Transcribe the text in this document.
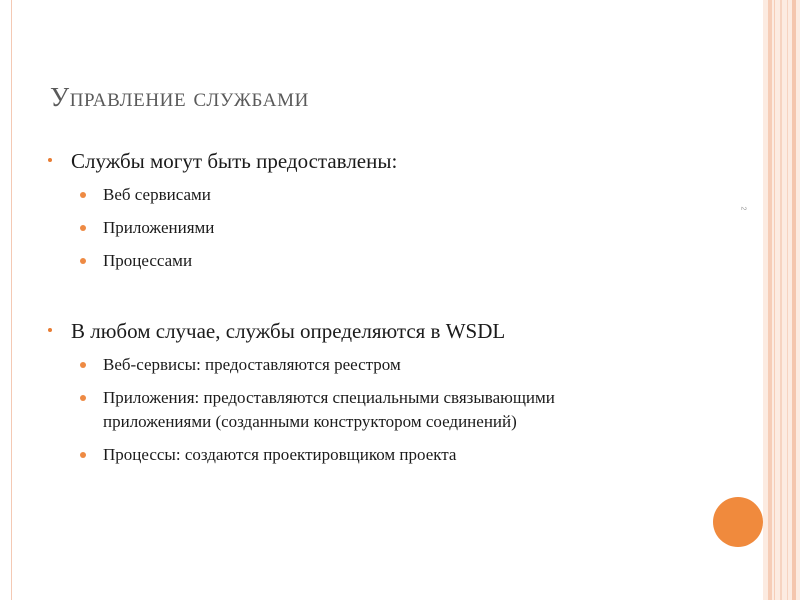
Управление службами

Службы могут быть предоставлены:

Веб сервисами

Приложениями

Процессами

В любом случае, службы определяются в WSDL

Веб-сервисы: предоставляются реестром

Приложения: предоставляются специальными связывающими приложениями (созданными конструктором соединений)

Процессы: создаются проектировщиком проекта

2
